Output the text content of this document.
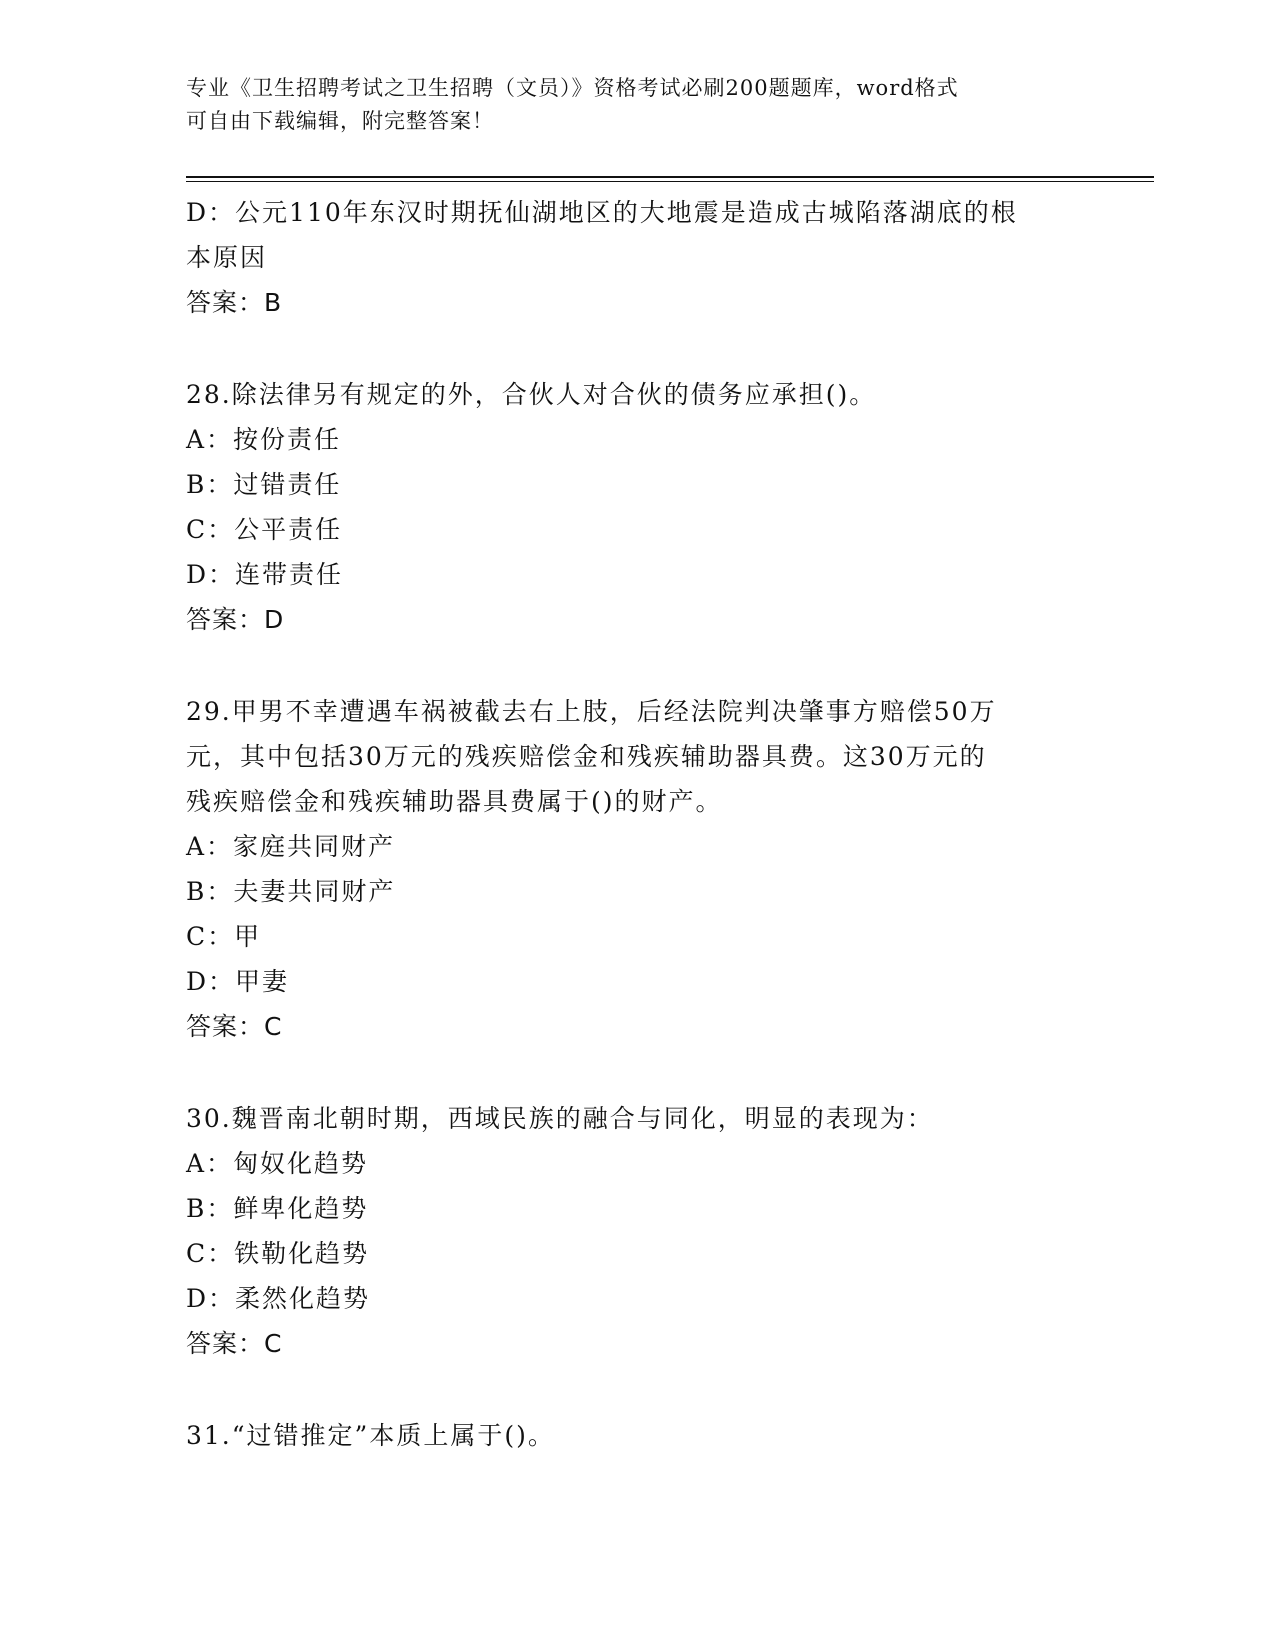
专业《卫生招聘考试之卫生招聘（文员）》资格考试必刷200题题库，word格式
可自由下载编辑，附完整答案！
D：公元110年东汉时期抚仙湖地区的大地震是造成古城陷落湖底的根
本原因
答案：B
28.除法律另有规定的外，合伙人对合伙的债务应承担()。
A：按份责任
B：过错责任
C：公平责任
D：连带责任
答案：D
29.甲男不幸遭遇车祸被截去右上肢，后经法院判决肇事方赔偿50万
元，其中包括30万元的残疾赔偿金和残疾辅助器具费。这30万元的
残疾赔偿金和残疾辅助器具费属于()的财产。
A：家庭共同财产
B：夫妻共同财产
C：甲
D：甲妻
答案：C
30.魏晋南北朝时期，西域民族的融合与同化，明显的表现为：
A：匈奴化趋势
B：鲜卑化趋势
C：铁勒化趋势
D：柔然化趋势
答案：C
31.“过错推定”本质上属于()。
